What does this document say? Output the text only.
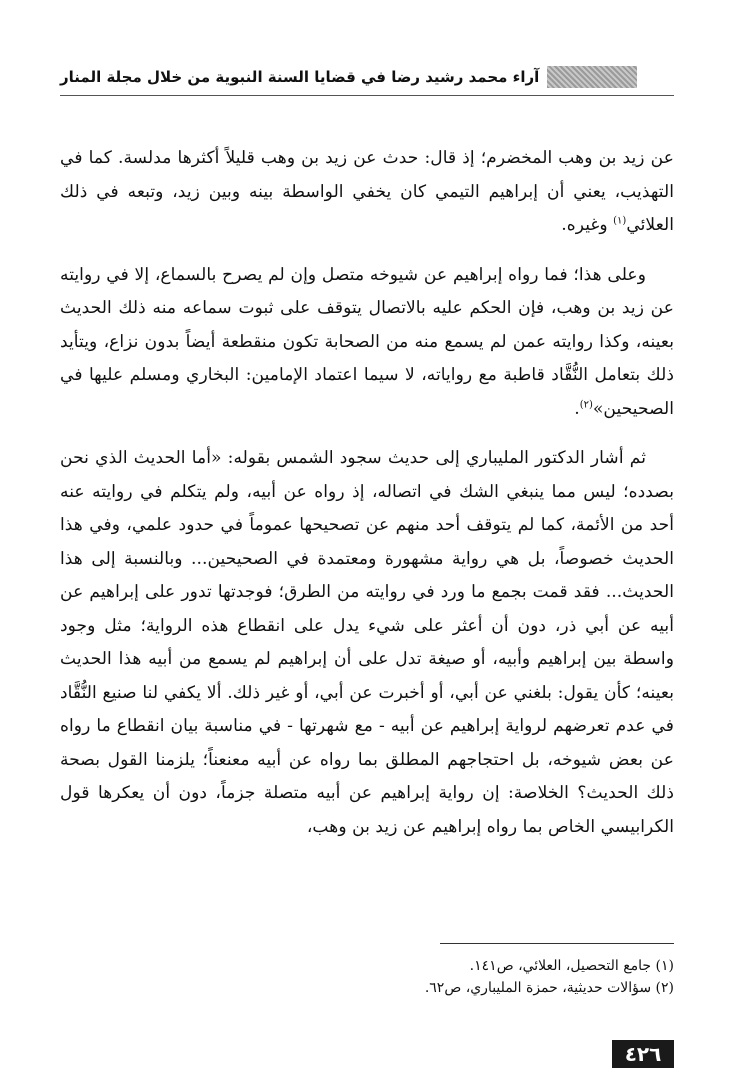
آراء محمد رشيد رضا في قضايا السنة النبوية من خلال مجلة المنار

عن زيد بن وهب المخضرم؛ إذ قال: حدث عن زيد بن وهب قليلاً أكثرها مدلسة. كما في التهذيب، يعني أن إبراهيم التيمي كان يخفي الواسطة بينه وبين زيد، وتبعه في ذلك العلائي$^{(١)}$ وغيره.

وعلى هذا؛ فما رواه إبراهيم عن شيوخه متصل وإن لم يصرح بالسماع، إلا في روايته عن زيد بن وهب، فإن الحكم عليه بالاتصال يتوقف على ثبوت سماعه منه ذلك الحديث بعينه، وكذا روايته عمن لم يسمع منه من الصحابة تكون منقطعة أيضاً بدون نزاع، ويتأيد ذلك بتعامل النُّقَّاد قاطبة مع رواياته، لا سيما اعتماد الإمامين: البخاري ومسلم عليها في الصحيحين»$^{(٢)}$.

ثم أشار الدكتور المليباري إلى حديث سجود الشمس بقوله: «أما الحديث الذي نحن بصدده؛ ليس مما ينبغي الشك في اتصاله، إذ رواه عن أبيه، ولم يتكلم في روايته عنه أحد من الأئمة، كما لم يتوقف أحد منهم عن تصحيحها عموماً في حدود علمي، وفي هذا الحديث خصوصاً، بل هي رواية مشهورة ومعتمدة في الصحيحين... وبالنسبة إلى هذا الحديث... فقد قمت بجمع ما ورد في روايته من الطرق؛ فوجدتها تدور على إبراهيم عن أبيه عن أبي ذر، دون أن أعثر على شيء يدل على انقطاع هذه الرواية؛ مثل وجود واسطة بين إبراهيم وأبيه، أو صيغة تدل على أن إبراهيم لم يسمع من أبيه هذا الحديث بعينه؛ كأن يقول: بلغني عن أبي، أو أخبرت عن أبي، أو غير ذلك. ألا يكفي لنا صنيع النُّقَّاد في عدم تعرضهم لرواية إبراهيم عن أبيه - مع شهرتها - في مناسبة بيان انقطاع ما رواه عن بعض شيوخه، بل احتجاجهم المطلق بما رواه عن أبيه معنعناً؛ يلزمنا القول بصحة ذلك الحديث؟ الخلاصة: إن رواية إبراهيم عن أبيه متصلة جزماً، دون أن يعكرها قول الكرابيسي الخاص بما رواه إبراهيم عن زيد بن وهب،

(١) جامع التحصيل، العلائي، ص١٤١.

(٢) سؤالات حديثية، حمزة المليباري، ص٦٢.

٤٢٦
